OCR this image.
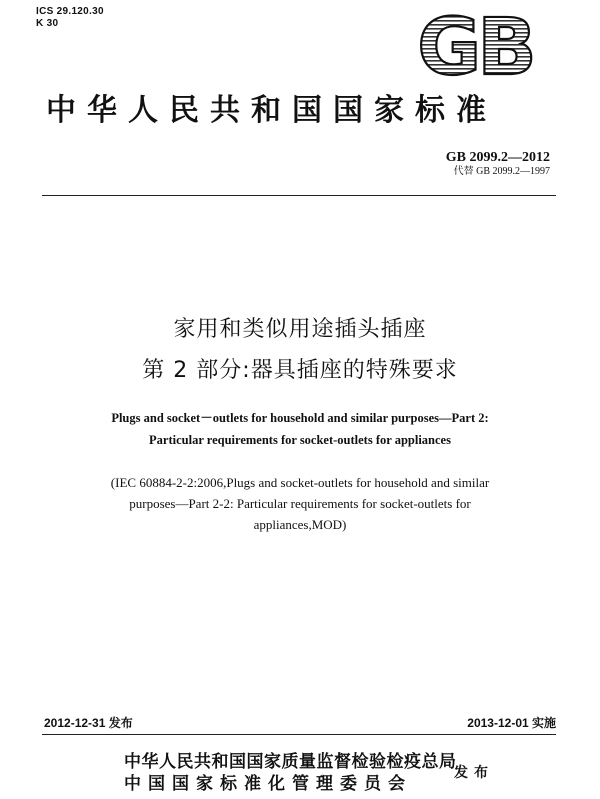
ICS 29.120.30
K 30	GB
中华人民共和国国家标准
GB 2099.2—2012
代替 GB 2099.2—1997
家用和类似用途插头插座
第 2 部分:器具插座的特殊要求
Plugs and socket－outlets for household and similar purposes—Part 2:
Particular requirements for socket-outlets for appliances
(IEC 60884-2-2:2006,Plugs and socket-outlets for household and similar
purposes—Part 2-2: Particular requirements for socket-outlets for
appliances,MOD)
2012-12-31 发布	2013-12-01 实施
中华人民共和国国家质量监督检验检疫总局
中国国家标准化管理委员会
发布
